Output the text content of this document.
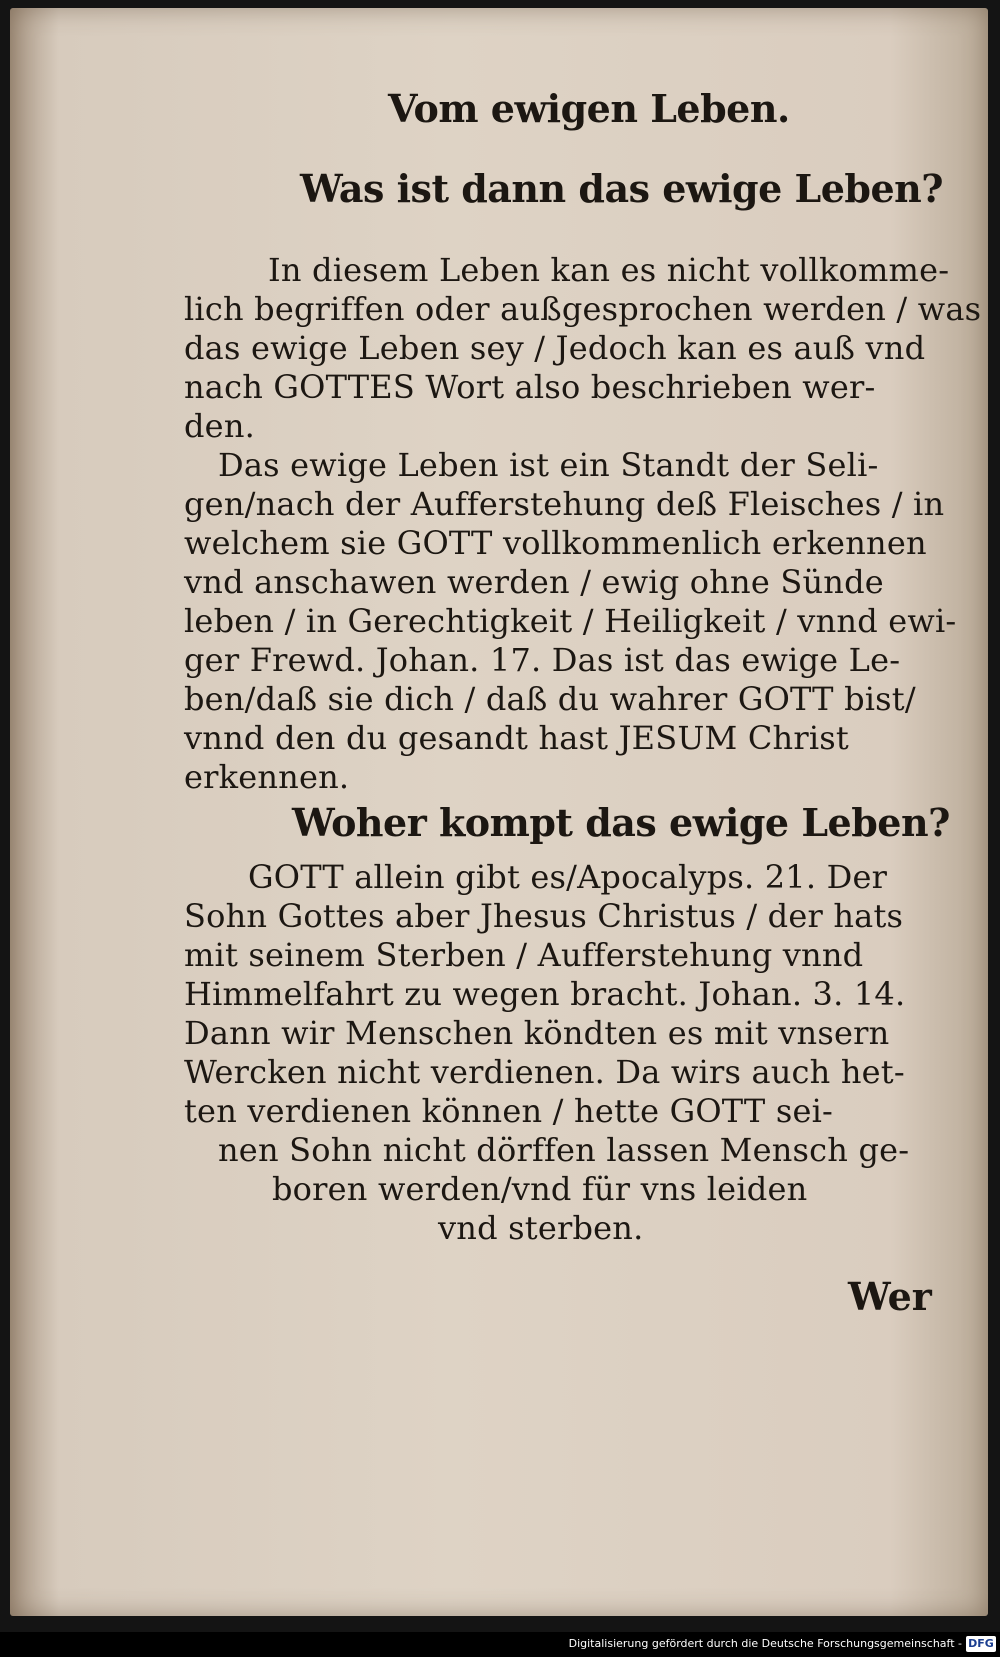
Vom ewigen Leben.
Was ist dann das ewige Leben?
In diesem Leben kan es nicht vollkomme-
lich begriffen oder außgesprochen werden / was
das ewige Leben sey / Jedoch kan es auß vnd
nach GOTTES Wort also beschrieben wer-
den.
Das ewige Leben ist ein Standt der Seli-
gen/nach der Aufferstehung deß Fleisches / in
welchem sie GOTT vollkommenlich erkennen
vnd anschawen werden / ewig ohne Sünde
leben / in Gerechtigkeit / Heiligkeit / vnnd ewi-
ger Frewd. Johan. 17. Das ist das ewige Le-
ben/daß sie dich / daß du wahrer GOTT bist/
vnnd den du gesandt hast JESUM Christ
erkennen.
Woher kompt das ewige Leben?
GOTT allein gibt es/Apocalyps. 21. Der
Sohn Gottes aber Jhesus Christus / der hats
mit seinem Sterben / Aufferstehung vnnd
Himmelfahrt zu wegen bracht. Johan. 3. 14.
Dann wir Menschen köndten es mit vnsern
Wercken nicht verdienen. Da wirs auch het-
ten verdienen können / hette GOTT sei-
nen Sohn nicht dörffen lassen Mensch ge-
boren werden/vnd für vns leiden
vnd sterben.
Wer
Digitalisierung gefördert durch die Deutsche Forschungsgemeinschaft - DFG
